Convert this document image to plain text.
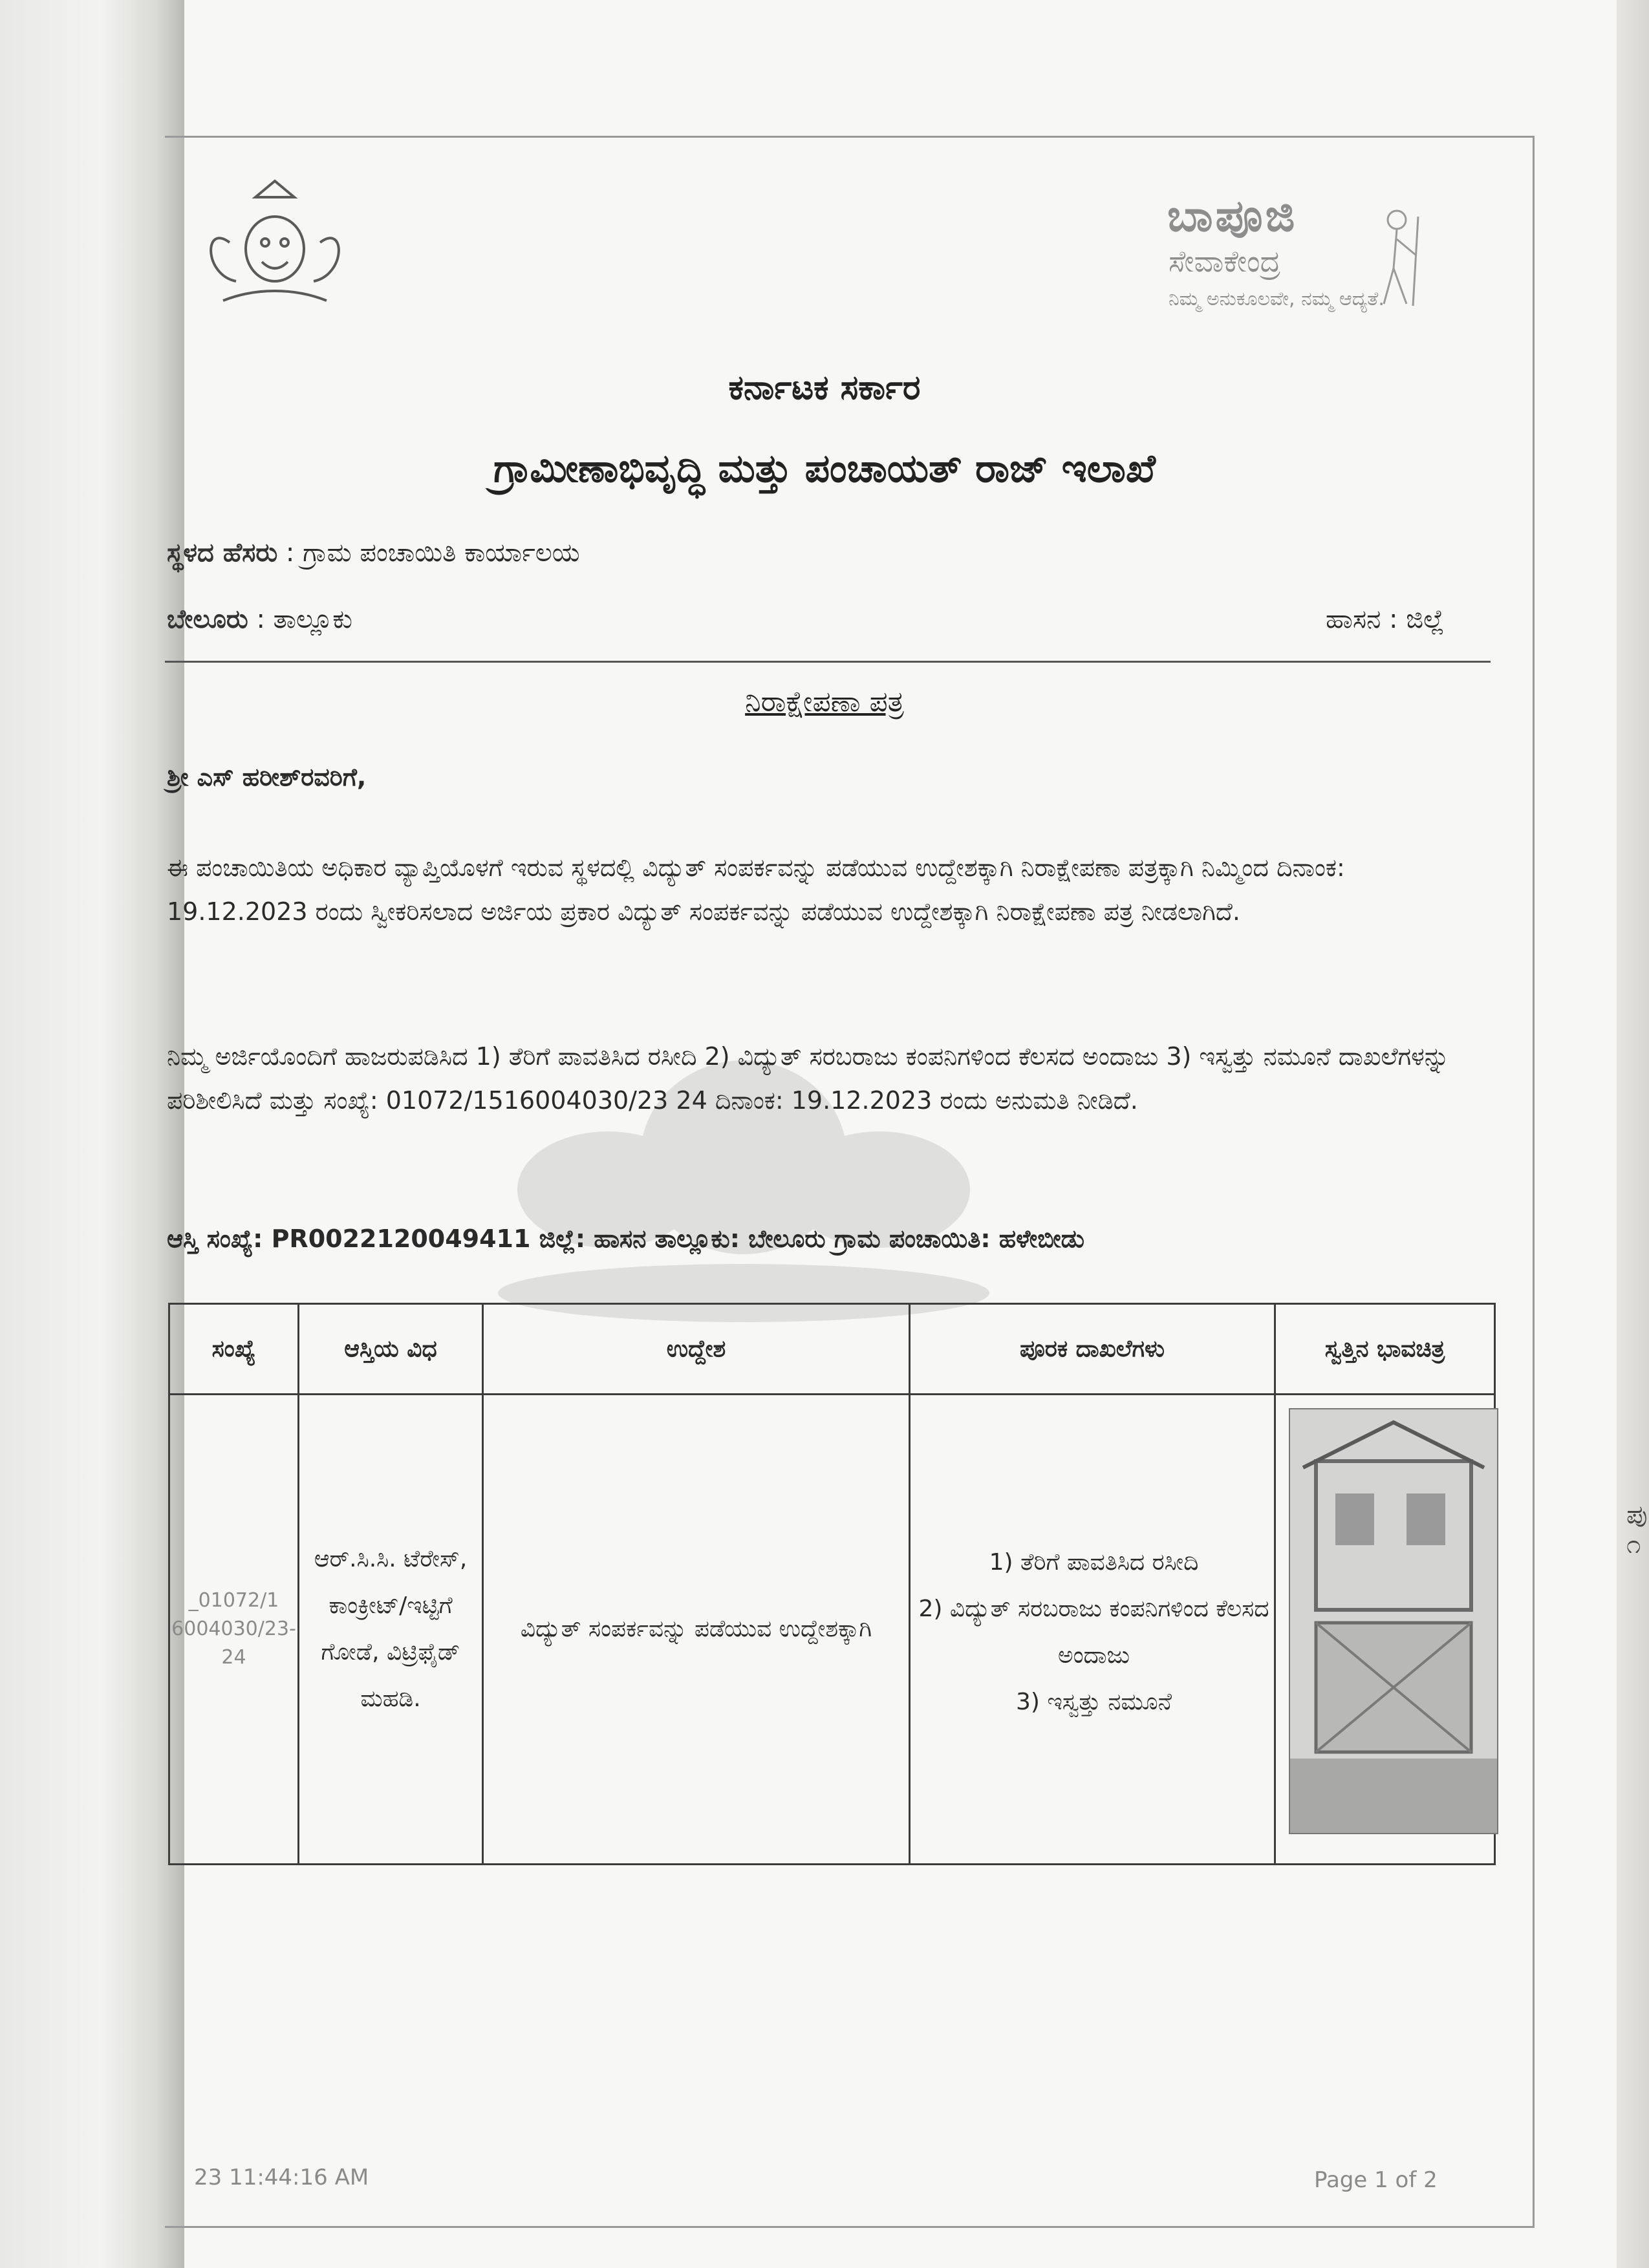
ಬಾಪೂಜಿ
ಸೇವಾಕೇಂದ್ರ
ನಿಮ್ಮ ಅನುಕೂಲವೇ, ನಮ್ಮ ಆದ್ಯತೆ.
ಕರ್ನಾಟಕ ಸರ್ಕಾರ
ಗ್ರಾಮೀಣಾಭಿವೃದ್ಧಿ ಮತ್ತು ಪಂಚಾಯತ್ ರಾಜ್ ಇಲಾಖೆ
ಸ್ಥಳದ ಹೆಸರು : ಗ್ರಾಮ ಪಂಚಾಯಿತಿ ಕಾರ್ಯಾಲಯ
ಬೇಲೂರು : ತಾಲ್ಲೂಕು	ಹಾಸನ : ಜಿಲ್ಲೆ
ನಿರಾಕ್ಷೇಪಣಾ ಪತ್ರ
ಶ್ರೀ ಎಸ್ ಹರೀಶ್‌ರವರಿಗೆ,
ಈ ಪಂಚಾಯಿತಿಯ ಅಧಿಕಾರ ವ್ಯಾಪ್ತಿಯೊಳಗೆ ಇರುವ ಸ್ಥಳದಲ್ಲಿ ವಿದ್ಯುತ್ ಸಂಪರ್ಕವನ್ನು ಪಡೆಯುವ ಉದ್ದೇಶಕ್ಕಾಗಿ ನಿರಾಕ್ಷೇಪಣಾ ಪತ್ರಕ್ಕಾಗಿ ನಿಮ್ಮಿಂದ ದಿನಾಂಕ: 19.12.2023 ರಂದು ಸ್ವೀಕರಿಸಲಾದ ಅರ್ಜಿಯ ಪ್ರಕಾರ ವಿದ್ಯುತ್ ಸಂಪರ್ಕವನ್ನು ಪಡೆಯುವ ಉದ್ದೇಶಕ್ಕಾಗಿ ನಿರಾಕ್ಷೇಪಣಾ ಪತ್ರ ನೀಡಲಾಗಿದೆ.
ನಿಮ್ಮ ಅರ್ಜಿಯೊಂದಿಗೆ ಹಾಜರುಪಡಿಸಿದ 1) ತೆರಿಗೆ ಪಾವತಿಸಿದ ರಸೀದಿ 2) ವಿದ್ಯುತ್ ಸರಬರಾಜು ಕಂಪನಿಗಳಿಂದ ಕೆಲಸದ ಅಂದಾಜು 3) ಇಸ್ವತ್ತು ನಮೂನೆ ದಾಖಲೆಗಳನ್ನು ಪರಿಶೀಲಿಸಿದೆ ಮತ್ತು ಸಂಖ್ಯೆ: 01072/1516004030/23 24 ದಿನಾಂಕ: 19.12.2023 ರಂದು ಅನುಮತಿ ನೀಡಿದೆ.
ಆಸ್ತಿ ಸಂಖ್ಯೆ: PR0022120049411 ಜಿಲ್ಲೆ: ಹಾಸನ ತಾಲ್ಲೂಕು: ಬೇಲೂರು ಗ್ರಾಮ ಪಂಚಾಯಿತಿ: ಹಳೇಬೀಡು
ಸಂಖ್ಯೆ	ಆಸ್ತಿಯ ವಿಧ	ಉದ್ದೇಶ	ಪೂರಕ ದಾಖಲೆಗಳು	ಸ್ವತ್ತಿನ ಭಾವಚಿತ್ರ
_01072/1 6004030/23- 24	ಆರ್.ಸಿ.ಸಿ. ಟೆರೇಸ್, ಕಾಂಕ್ರೀಟ್/ಇಟ್ಟಿಗೆ ಗೋಡೆ, ವಿಟ್ರಿಫೈಡ್ ಮಹಡಿ.	ವಿದ್ಯುತ್ ಸಂಪರ್ಕವನ್ನು ಪಡೆಯುವ ಉದ್ದೇಶಕ್ಕಾಗಿ	1) ತೆರಿಗೆ ಪಾವತಿಸಿದ ರಸೀದಿ
2) ವಿದ್ಯುತ್ ಸರಬರಾಜು ಕಂಪನಿಗಳಿಂದ ಕೆಲಸದ ಅಂದಾಜು
3) ಇಸ್ವತ್ತು ನಮೂನೆ

23 11:44:16 AM	Page 1 of 2
ಪು ೧
